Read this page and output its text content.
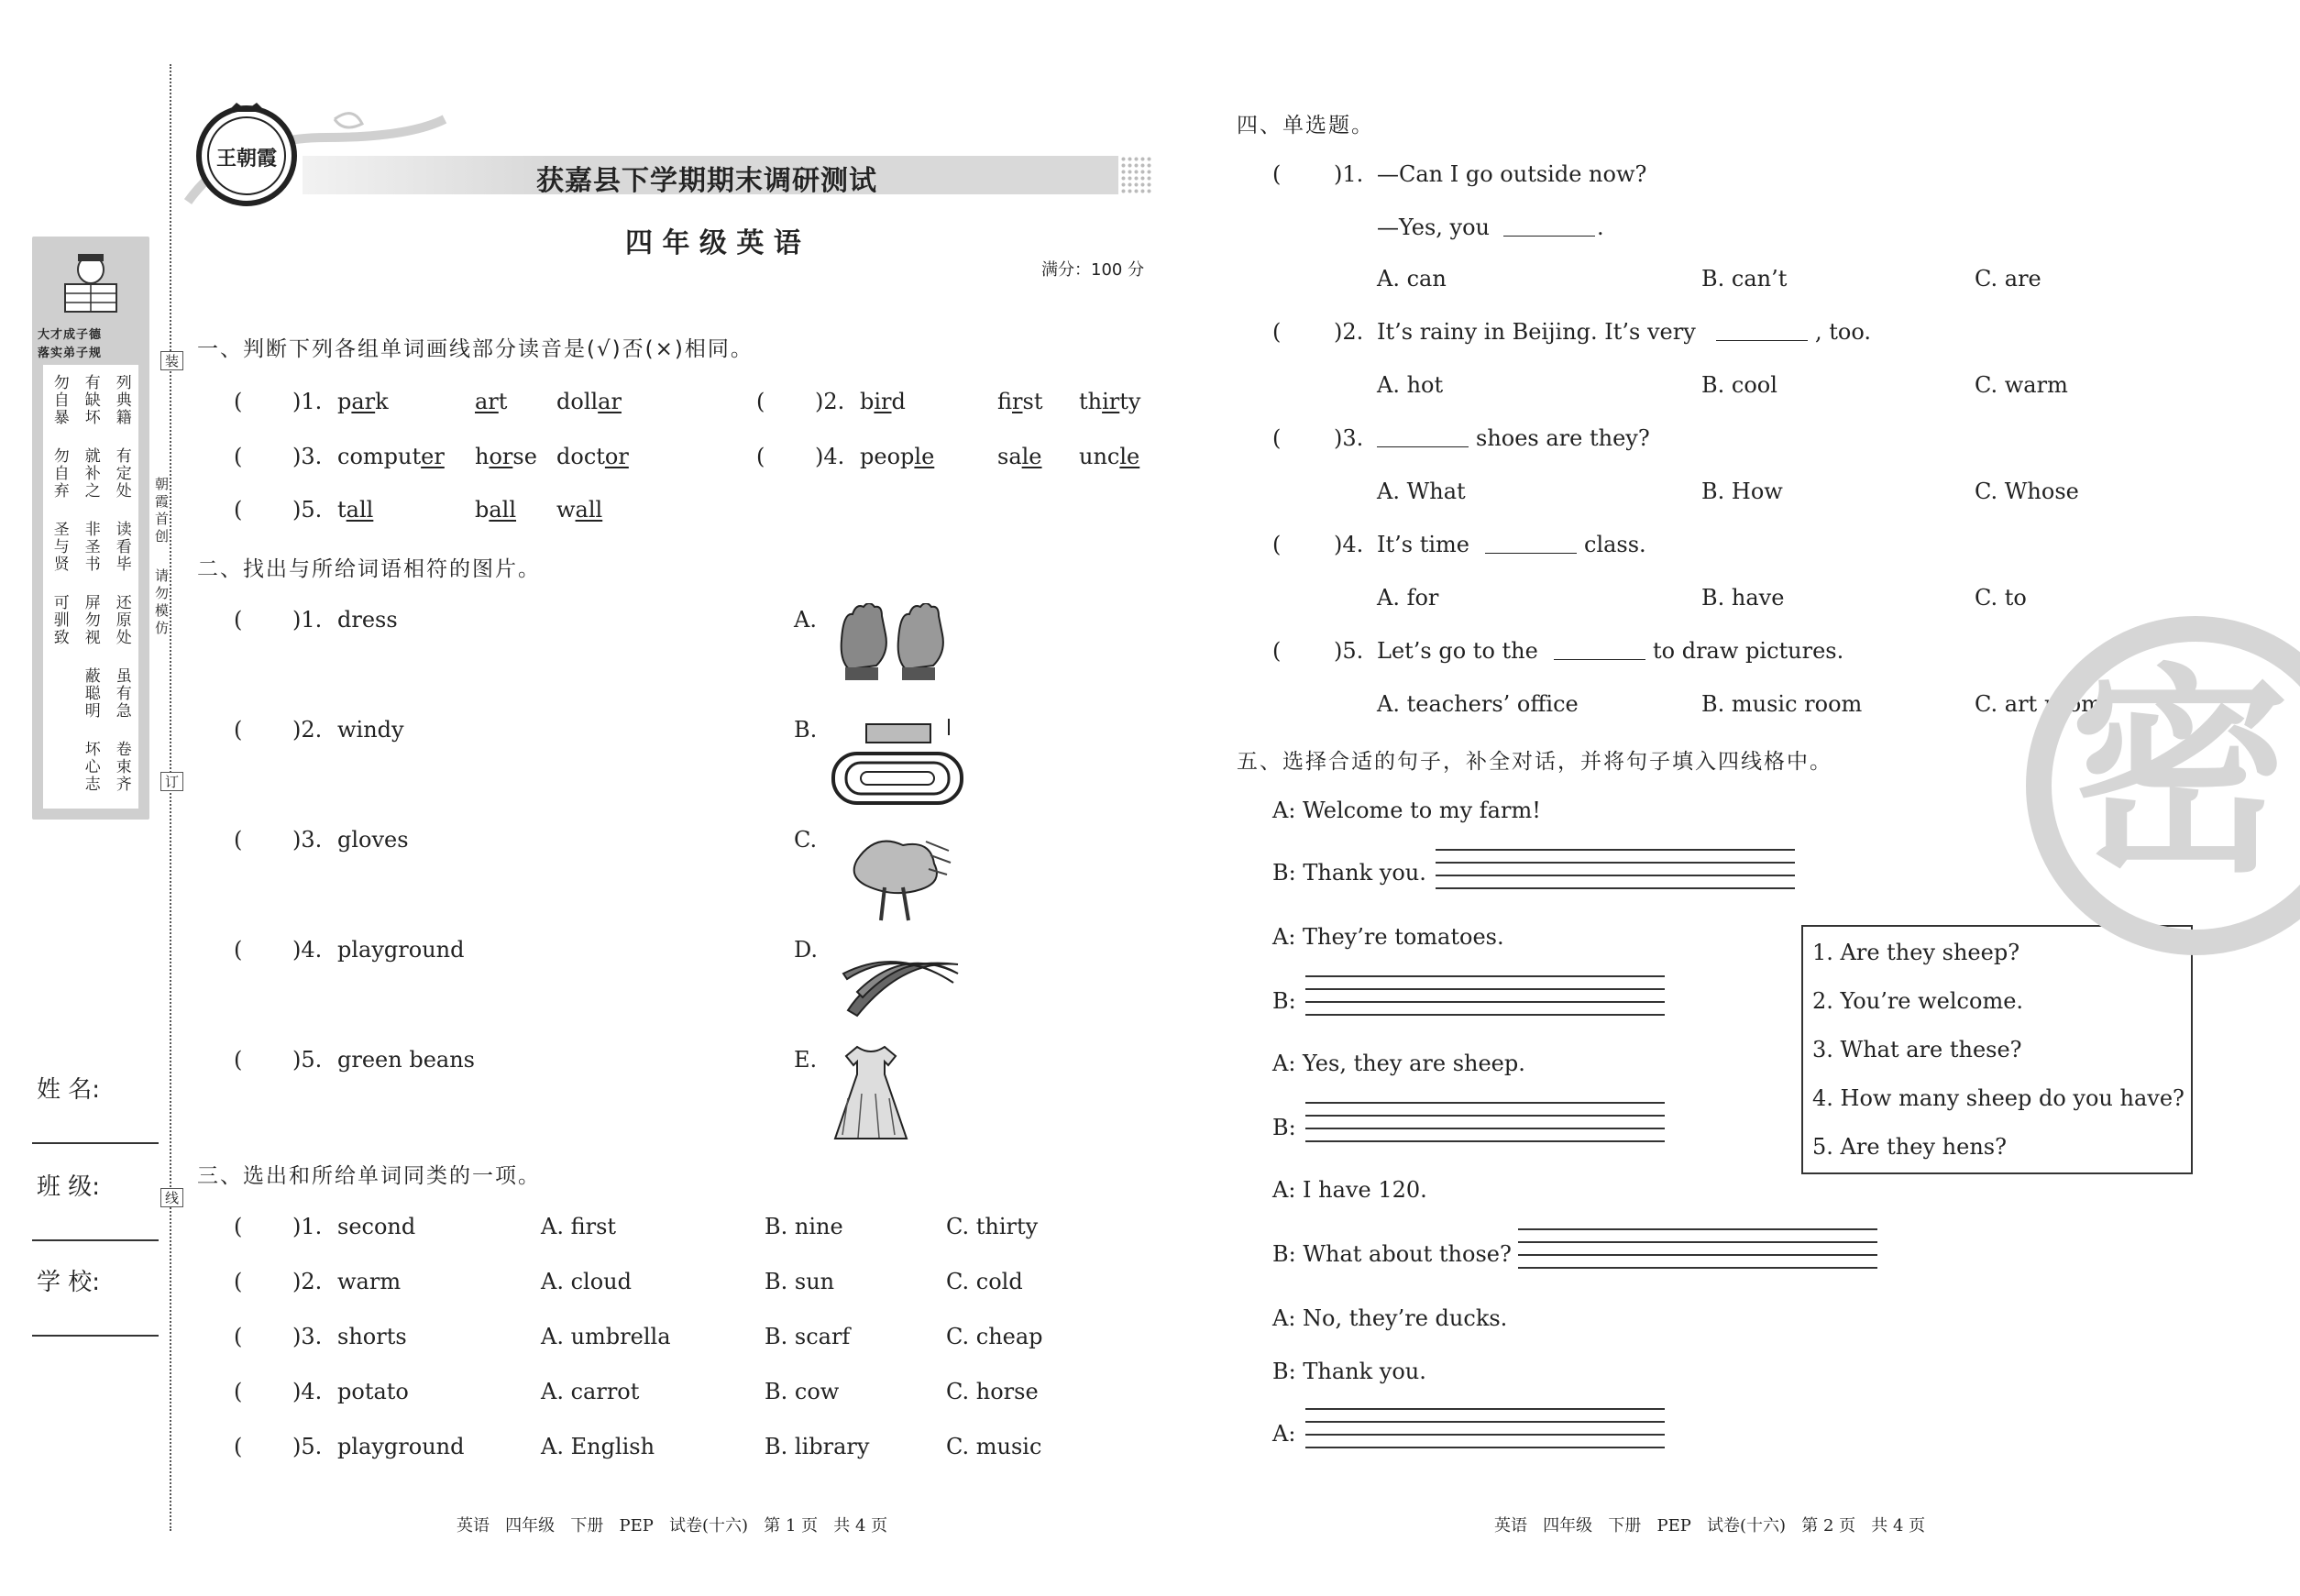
大才成子德
落实弟子规
勿自暴
勿自弃
圣与贤
可驯致
有缺坏
就补之
非圣书
屏勿视
蔽聪明
坏心志
列典籍
有定处
读看毕
还原处
虽有急
卷束齐
装
订
线
朝霞首创
请勿模仿
姓 名:
班 级:
学 校:
王朝霞
获嘉县下学期期末调研测试
四 年 级 英 语
满分：100 分
一、判断下列各组单词画线部分读音是(√)否(×)相同。
(	)1. park	art dollar	(	)2. bird	first thirty
(	)3. computer horse doctor	(	)4. people	sale uncle
(	)5. tall	ball wall
二、找出与所给词语相符的图片。
(	)1. dress
(	)2. windy
(	)3. gloves
(	)4. playground
(	)5. green beans
A.
B.
C.
D.
E.
三、选出和所给单词同类的一项。
(	)1. second	A. first	B. nine	C. thirty
(	)2. warm	A. cloud	B. sun	C. cold
(	)3. shorts	A. umbrella	B. scarf	C. cheap
(	)4. potato	A. carrot	B. cow	C. horse
(	)5. playground	A. English	B. library	C. music
四、单选题。
(	)1. —Can I go outside now?
—Yes, you	.
A. can	B. can’t	C. are
(	)2. It’s rainy in Beijing. It’s very	, too.
A. hot	B. cool	C. warm
(	)3.	shoes are they?
A. What	B. How	C. Whose
(	)4. It’s time	class.
A. for	B. have	C. to
(	)5. Let’s go to the	to draw pictures.
A. teachers’ office	B. music room	C. art room
五、选择合适的句子，补全对话，并将句子填入四线格中。
A: Welcome to my farm!
B: Thank you.
A: They’re tomatoes.
B:
A: Yes, they are sheep.
B:
A: I have 120.
B: What about those?
A: No, they’re ducks.
B: Thank you.
A:
1. Are they sheep?
2. You’re welcome.
3. What are these?
4. How many sheep do you have?
5. Are they hens?
密
英语   四年级   下册   PEP   试卷(十六)   第 1 页   共 4 页	英语   四年级   下册   PEP   试卷(十六)   第 2 页   共 4 页
